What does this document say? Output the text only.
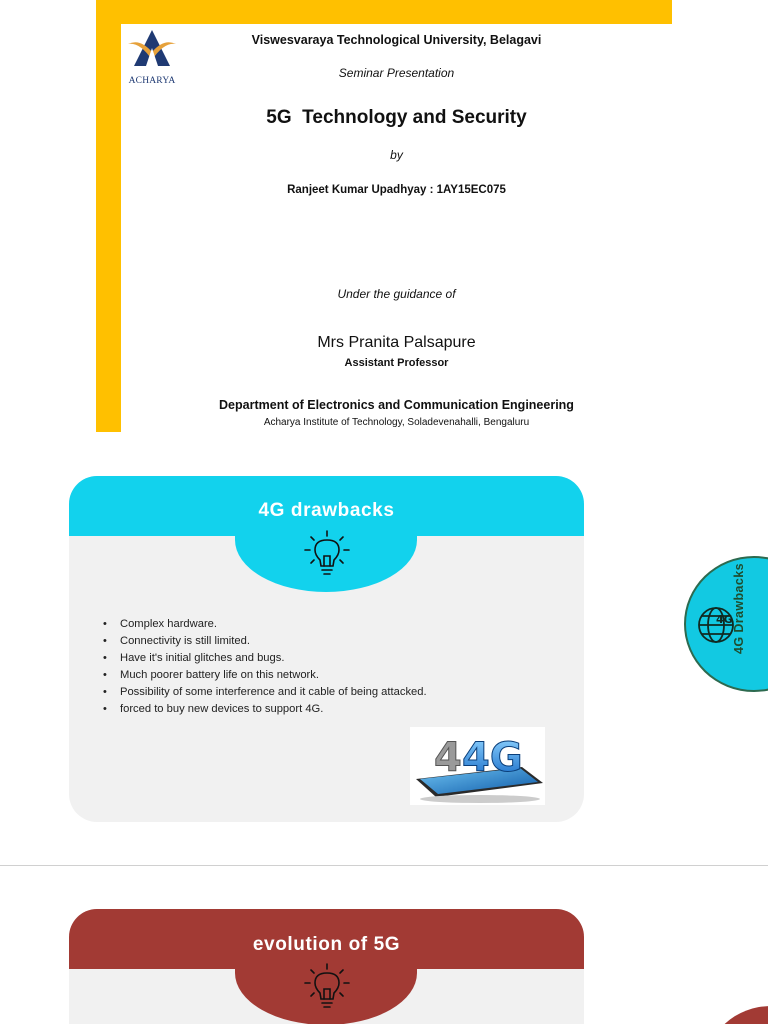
ACHARYA
Viswesvaraya Technological University, Belagavi
Seminar Presentation
5G  Technology and Security
by
Ranjeet Kumar Upadhyay : 1AY15EC075
Under the guidance of
Mrs Pranita Palsapure
Assistant Professor
Department of Electronics and Communication Engineering
Acharya Institute of Technology, Soladevenahalli, Bengaluru
4G drawbacks
• Complex hardware.
• Connectivity is still limited.
• Have it's initial glitches and bugs.
• Much poorer battery life on this network.
• Possibility of some interference and it cable of being attacked.
• forced to buy new devices to support 4G.
4 4G
4G 4G Drawbacks
evolution of 5G
